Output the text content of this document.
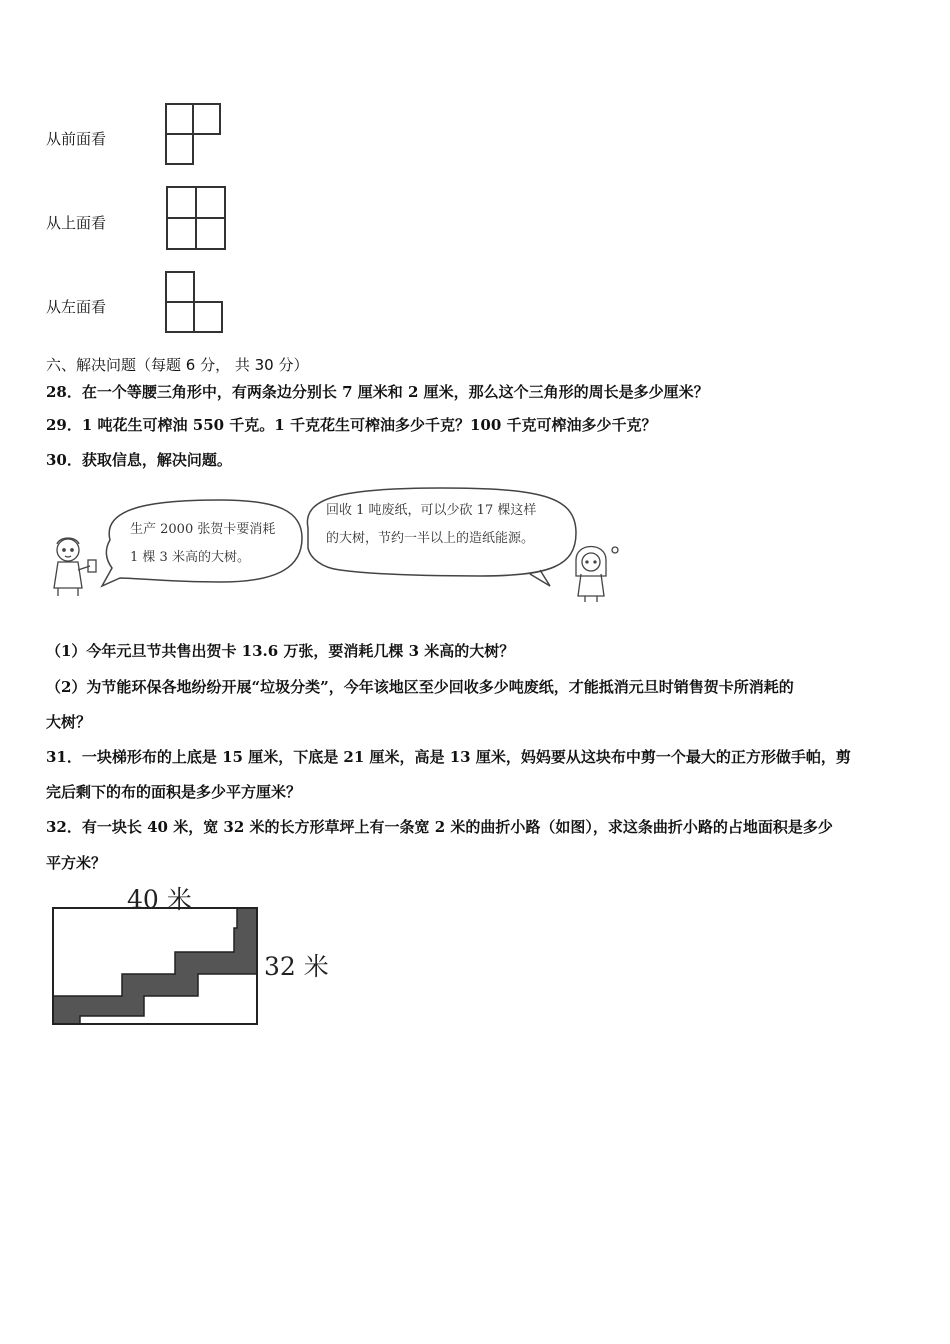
从前面看
从上面看
从左面看
六、解决问题（每题 6 分， 共 30 分）
28．在一个等腰三角形中，有两条边分别长 7 厘米和 2 厘米，那么这个三角形的周长是多少厘米？
29．1 吨花生可榨油 550 千克。1 千克花生可榨油多少千克？100 千克可榨油多少千克？
30．获取信息，解决问题。
生产 2000 张贺卡要消耗
1 棵 3 米高的大树。
回收 1 吨废纸，可以少砍 17 棵这样
的大树，节约一半以上的造纸能源。
（1）今年元旦节共售出贺卡 13.6 万张，要消耗几棵 3 米高的大树？
（2）为节能环保各地纷纷开展“垃圾分类”，今年该地区至少回收多少吨废纸，才能抵消元旦时销售贺卡所消耗的
大树？
31．一块梯形布的上底是 15 厘米，下底是 21 厘米，高是 13 厘米，妈妈要从这块布中剪一个最大的正方形做手帕，剪
完后剩下的布的面积是多少平方厘米？
32．有一块长 40 米，宽 32 米的长方形草坪上有一条宽 2 米的曲折小路（如图），求这条曲折小路的占地面积是多少
平方米？
40 米
32 米
